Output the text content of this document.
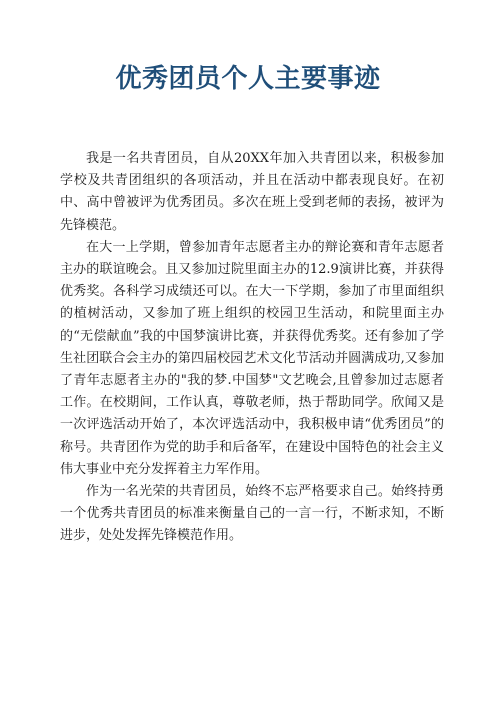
优秀团员个人主要事迹

我是一名共青团员，自从20XX年加入共青团以来，积极参加学校及共青团组织的各项活动，并且在活动中都表现良好。在初中、高中曾被评为优秀团员。多次在班上受到老师的表扬，被评为先锋模范。

在大一上学期，曾参加青年志愿者主办的辩论赛和青年志愿者主办的联谊晚会。且又参加过院里面主办的12.9演讲比赛，并获得优秀奖。各科学习成绩还可以。在大一下学期，参加了市里面组织的植树活动，又参加了班上组织的校园卫生活动，和院里面主办的“无偿献血”我的中国梦演讲比赛，并获得优秀奖。还有参加了学生社团联合会主办的第四届校园艺术文化节活动并圆满成功,又参加了青年志愿者主办的"我的梦.中国梦"文艺晚会,且曾参加过志愿者工作。在校期间，工作认真，尊敬老师，热于帮助同学。欣闻又是一次评选活动开始了，本次评选活动中，我积极申请“优秀团员”的称号。共青团作为党的助手和后备军，在建设中国特色的社会主义伟大事业中充分发挥着主力军作用。

作为一名光荣的共青团员，始终不忘严格要求自己。始终持勇一个优秀共青团员的标准来衡量自己的一言一行，不断求知，不断进步，处处发挥先锋模范作用。
